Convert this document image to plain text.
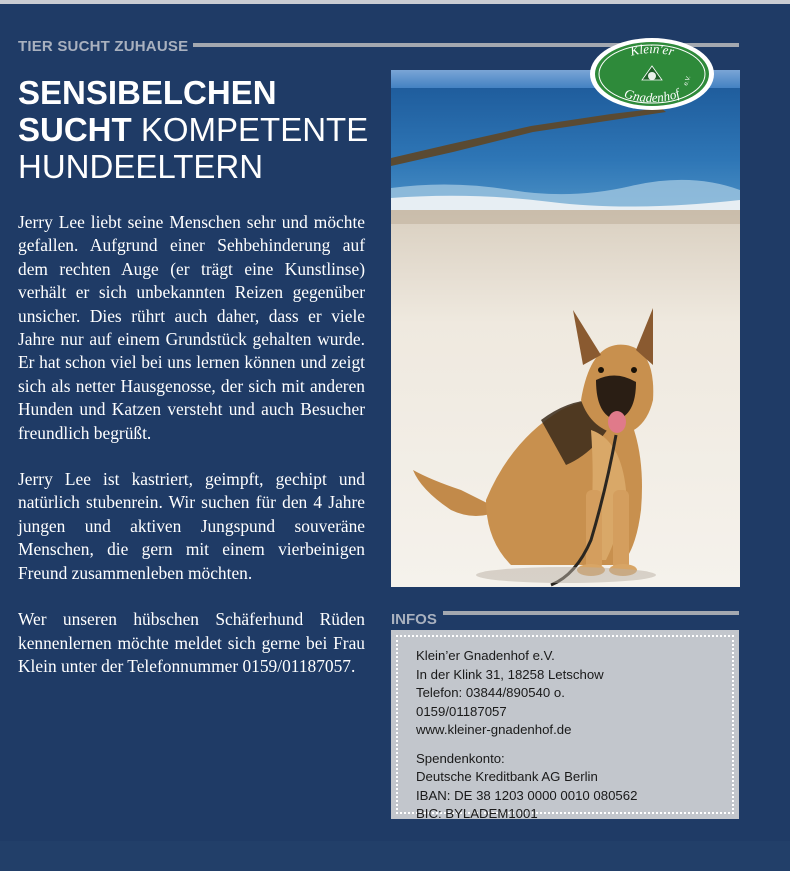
TIER SUCHT ZUHAUSE
SENSIBELCHEN
SUCHT KOMPETENTE
HUNDEELTERN

Jerry Lee liebt seine Menschen sehr und möchte gefallen. Aufgrund einer Sehbehinderung auf dem rechten Auge (er trägt eine Kunstlinse) verhält er sich unbekannten Reizen gegenüber unsicher. Dies rührt auch daher, dass er viele Jahre nur auf einem Grundstück gehalten wurde. Er hat schon viel bei uns lernen können und zeigt sich als netter Hausgenosse, der sich mit anderen Hunden und Katzen versteht und auch Besucher freundlich begrüßt.

Jerry Lee ist kastriert, geimpft, gechipt und natürlich stubenrein. Wir suchen für den 4 Jahre jungen und aktiven Jungspund souveräne Menschen, die gern mit einem vierbeinigen Freund zusammenleben möchten.

Wer unseren hübschen Schäferhund Rüden kennenlernen möchte meldet sich gerne bei Frau Klein unter der Telefonnummer 0159/01187057.

Klein'er
Gnadenhof
e.V.
INFOS
Klein’er Gnadenhof e.V.
In der Klink 31, 18258 Letschow
Telefon: 03844/890540 o.
0159/01187057
www.kleiner-gnadenhof.de
Spendenkonto:
Deutsche Kreditbank AG Berlin
IBAN: DE 38 1203 0000 0010 080562
BIC: BYLADEM1001
